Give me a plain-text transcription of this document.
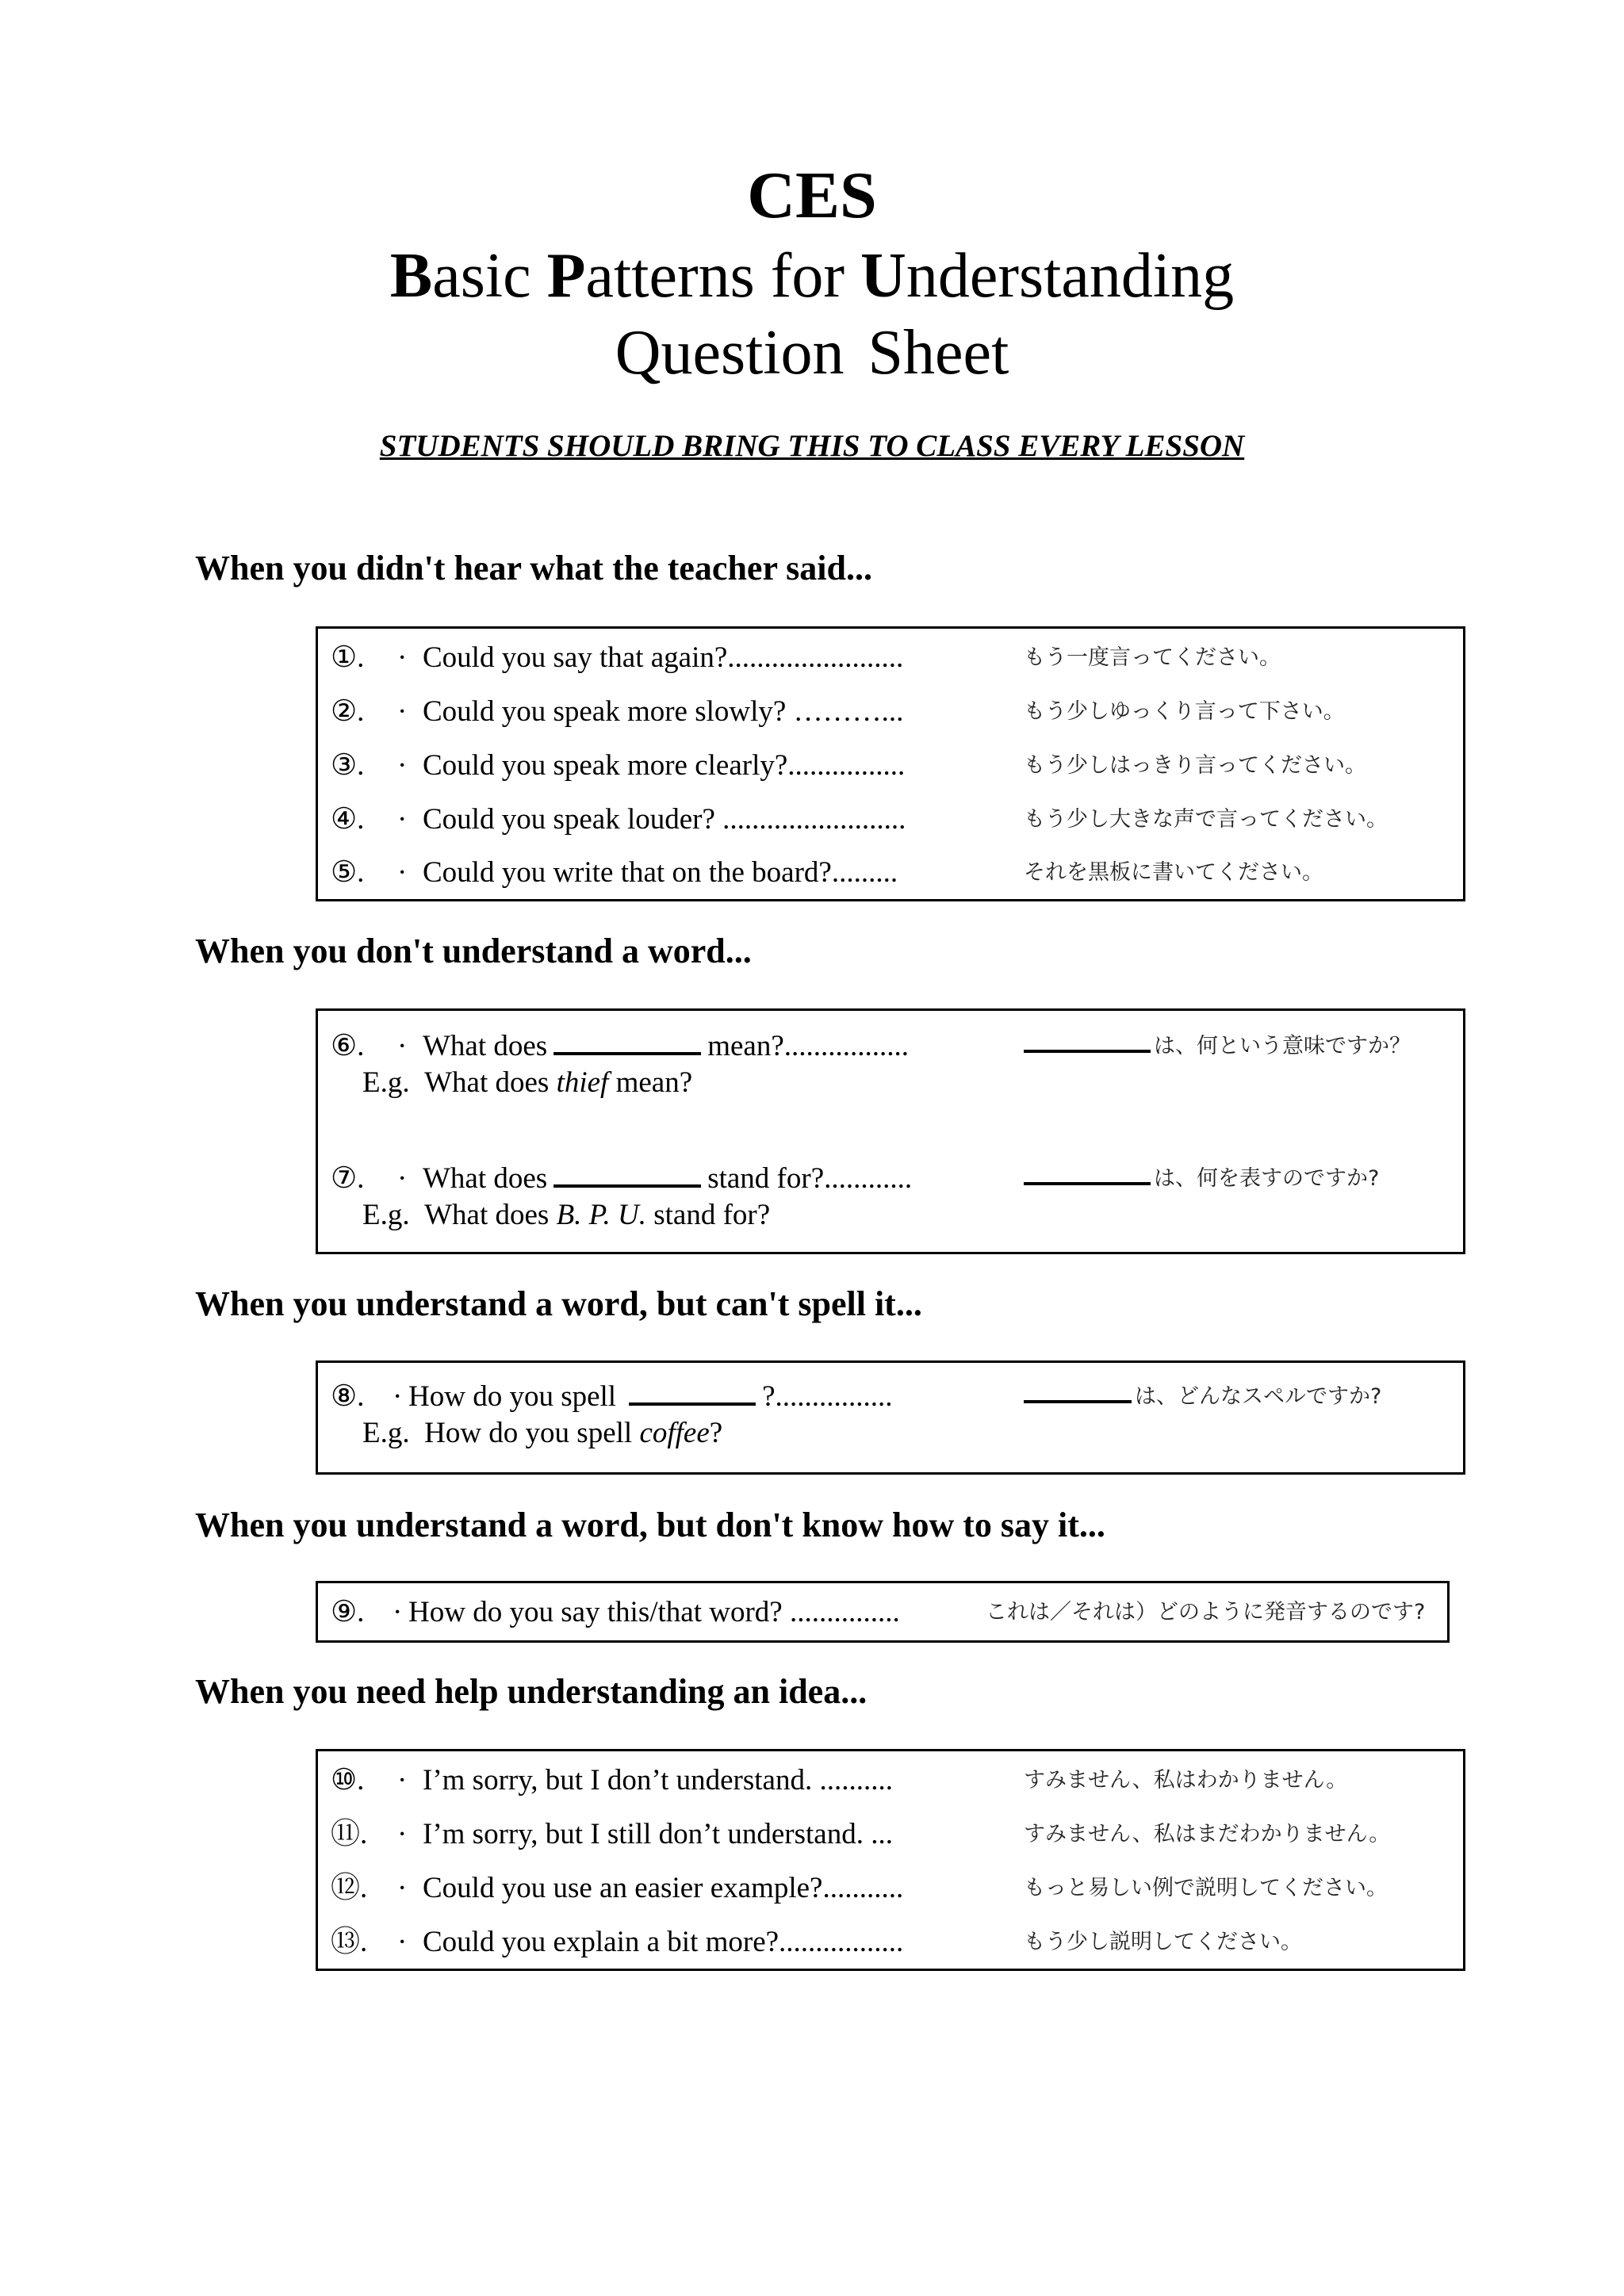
CES
Basic Patterns for Understanding
Question Sheet
STUDENTS SHOULD BRING THIS TO CLASS EVERY LESSON
When you didn't hear what the teacher said...
①. · Could you say that again?........................	もう一度言ってください。
②. · Could you speak more slowly? ………...	もう少しゆっくり言って下さい。
③. · Could you speak more clearly?................	もう少しはっきり言ってください。
④. · Could you speak louder? .........................	もう少し大きな声で言ってください。
⑤. · Could you write that on the board?.........	それを黒板に書いてください。
When you don't understand a word...
⑥. · What does	mean?.................	は、何という意味ですか？
E.g. What does thief mean?
⑦. · What does	stand for?............	は、何を表すのですか?
E.g. What does B. P. U. stand for?
When you understand a word, but can't spell it...
⑧. · How do you spell	?................	は、どんなスペルですか?
E.g. How do you spell coffee?
When you understand a word, but don't know how to say it...
⑨. · How do you say this/that word? ...............	これは／それは）どのように発音するのです?
When you need help understanding an idea...
⑩. · I’m sorry, but I don’t understand. ..........	すみません、私はわかりません。
⑪. · I’m sorry, but I still don’t understand. ...	すみません、私はまだわかりません。
⑫. · Could you use an easier example?...........	もっと易しい例で説明してください。
⑬. · Could you explain a bit more?.................	もう少し説明してください。
